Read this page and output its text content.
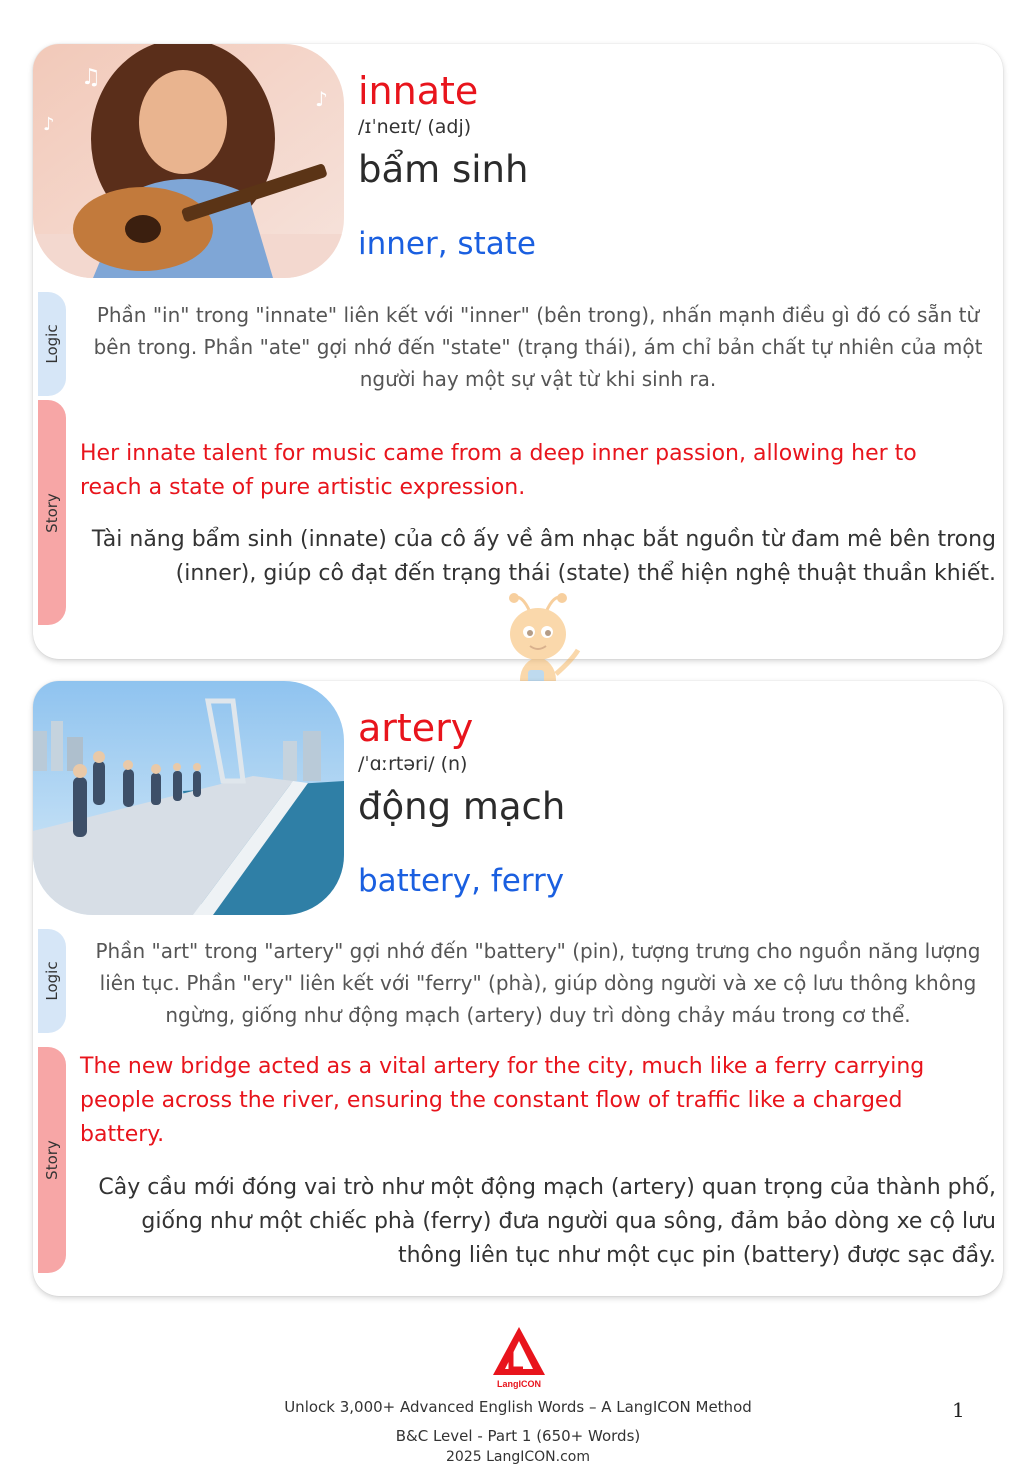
♫
♪
♪
innate
/ɪˈneɪt/ (adj)
bẩm sinh
inner, state
Logic

Phần "in" trong "innate" liên kết với "inner" (bên trong), nhấn mạnh điều gì đó có sẵn từ bên trong. Phần "ate" gợi nhớ đến "state" (trạng thái), ám chỉ bản chất tự nhiên của một người hay một sự vật từ khi sinh ra.

Story

Her innate talent for music came from a deep inner passion, allowing her to reach a state of pure artistic expression.

Tài năng bẩm sinh (innate) của cô ấy về âm nhạc bắt nguồn từ đam mê bên trong (inner), giúp cô đạt đến trạng thái (state) thể hiện nghệ thuật thuần khiết.

artery
/ˈɑːrtəri/ (n)
động mạch
battery, ferry
Logic

Phần "art" trong "artery" gợi nhớ đến "battery" (pin), tượng trưng cho nguồn năng lượng liên tục. Phần "ery" liên kết với "ferry" (phà), giúp dòng người và xe cộ lưu thông không ngừng, giống như động mạch (artery) duy trì dòng chảy máu trong cơ thể.

Story

The new bridge acted as a vital artery for the city, much like a ferry carrying people across the river, ensuring the constant flow of traffic like a charged battery.

Cây cầu mới đóng vai trò như một động mạch (artery) quan trọng của thành phố, giống như một chiếc phà (ferry) đưa người qua sông, đảm bảo dòng xe cộ lưu thông liên tục như một cục pin (battery) được sạc đầy.

LangICON
Unlock 3,000+ Advanced English Words – A LangICON Method
B&C Level - Part 1 (650+ Words)
2025 LangICON.com
1
